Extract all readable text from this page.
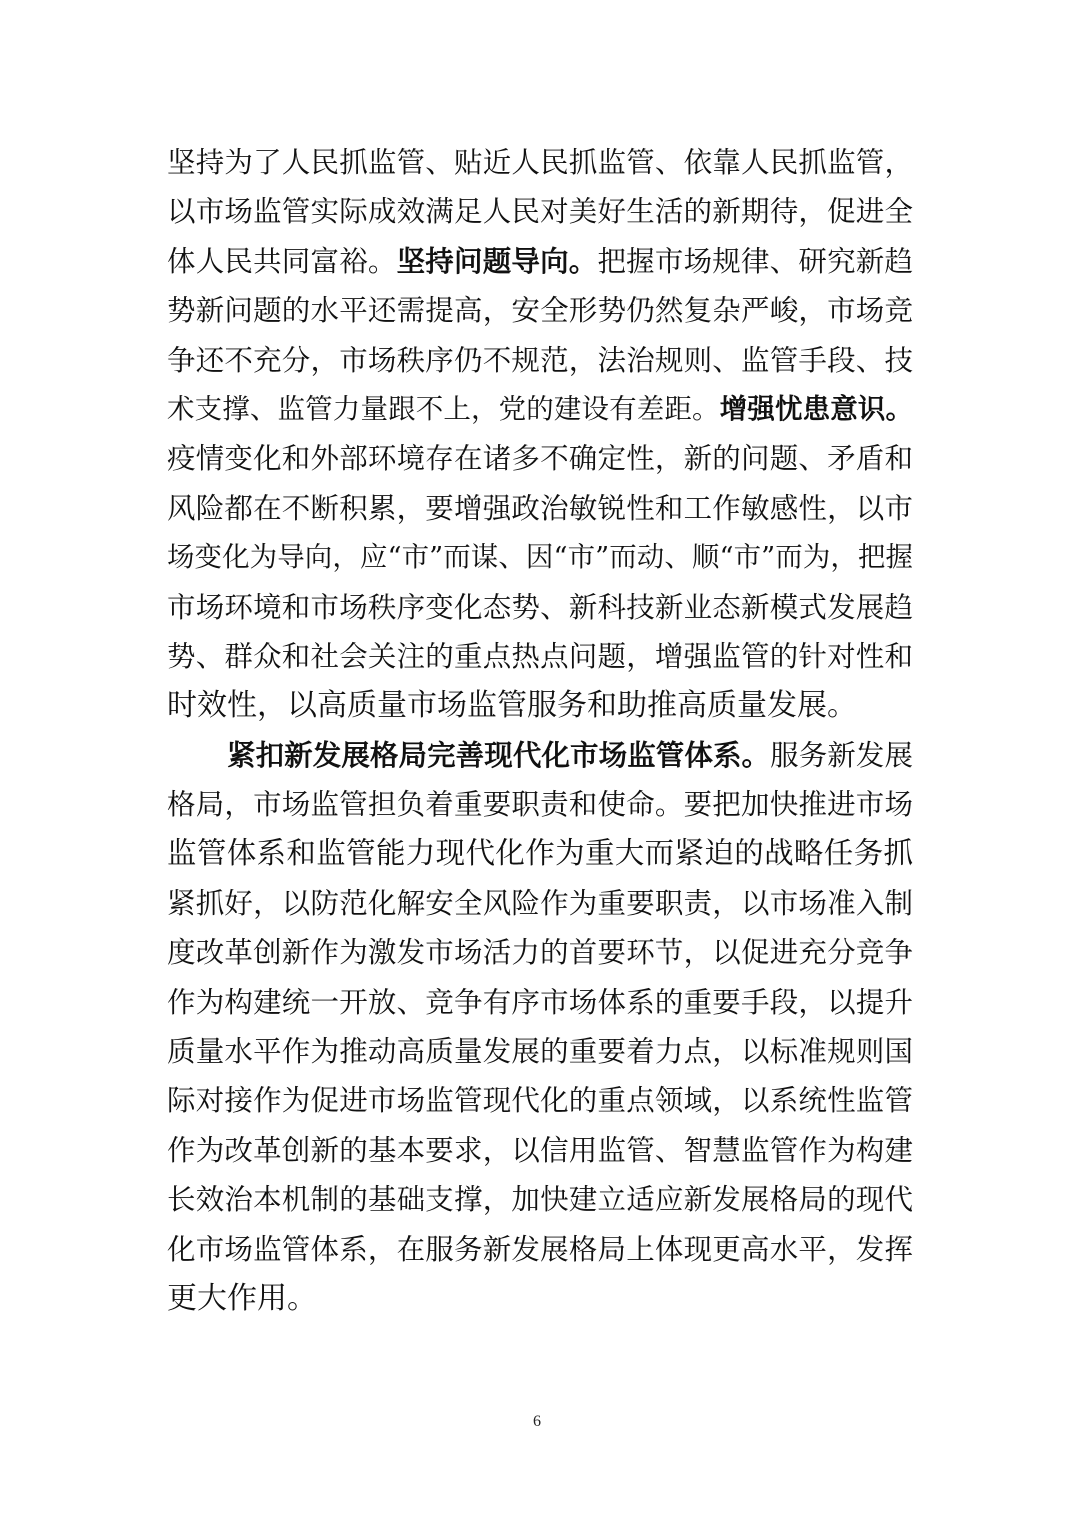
坚持为了人民抓监管、贴近人民抓监管、依靠人民抓监管，
以市场监管实际成效满足人民对美好生活的新期待，促进全
体人民共同富裕。坚持问题导向。把握市场规律、研究新趋
势新问题的水平还需提高，安全形势仍然复杂严峻，市场竞
争还不充分，市场秩序仍不规范，法治规则、监管手段、技
术支撑、监管力量跟不上，党的建设有差距。增强忧患意识。
疫情变化和外部环境存在诸多不确定性，新的问题、矛盾和
风险都在不断积累，要增强政治敏锐性和工作敏感性，以市
场变化为导向，应“市”而谋、因“市”而动、顺“市”而为，把握
市场环境和市场秩序变化态势、新科技新业态新模式发展趋
势、群众和社会关注的重点热点问题，增强监管的针对性和
时效性，以高质量市场监管服务和助推高质量发展。
紧扣新发展格局完善现代化市场监管体系。服务新发展
格局，市场监管担负着重要职责和使命。要把加快推进市场
监管体系和监管能力现代化作为重大而紧迫的战略任务抓
紧抓好，以防范化解安全风险作为重要职责，以市场准入制
度改革创新作为激发市场活力的首要环节，以促进充分竞争
作为构建统一开放、竞争有序市场体系的重要手段，以提升
质量水平作为推动高质量发展的重要着力点，以标准规则国
际对接作为促进市场监管现代化的重点领域，以系统性监管
作为改革创新的基本要求，以信用监管、智慧监管作为构建
长效治本机制的基础支撑，加快建立适应新发展格局的现代
化市场监管体系，在服务新发展格局上体现更高水平，发挥
更大作用。
6
